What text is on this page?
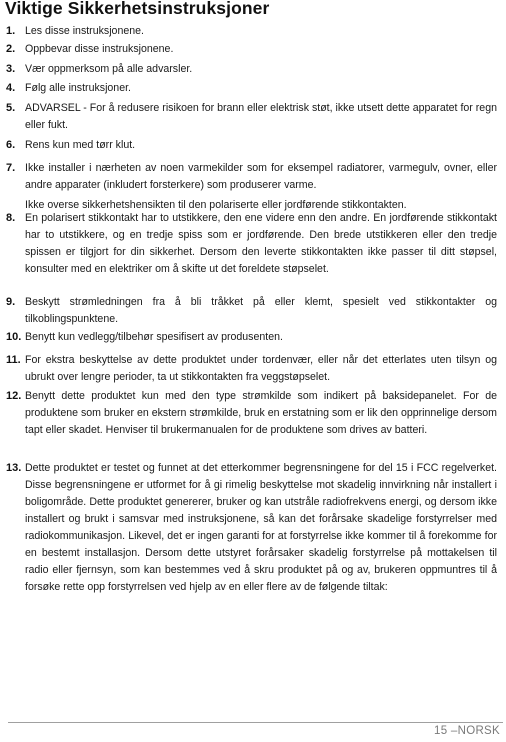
Viktige Sikkerhetsinstruksjoner
1. Les disse instruksjonene.

2. Oppbevar disse instruksjonene.

3. Vær oppmerksom på alle advarsler.

4. Følg alle instruksjoner.

5. ADVARSEL - For å redusere risikoen for brann eller elektrisk støt, ikke utsett dette apparatet for regn eller fukt.

6. Rens kun med tørr klut.

7. Ikke installer i nærheten av noen varmekilder som for eksempel radiatorer, varmegulv, ovner, eller andre apparater (inkludert forsterkere) som produserer varme.

Ikke overse sikkerhetshensikten til den polariserte eller jordførende stikkontakten.

8. En polarisert stikkontakt har to utstikkere, den ene videre enn den andre. En jordførende stikkontakt har to utstikkere, og en tredje spiss som er jordførende. Den brede utstikkeren eller den tredje spissen er tilgjort for din sikkerhet. Dersom den leverte stikkontakten ikke passer til ditt støpsel, konsulter med en elektriker om å skifte ut det foreldete støpselet.

9. Beskytt strømledningen fra å bli tråkket på eller klemt, spesielt ved stikkontakter og tilkoblingspunktene.

10. Benytt kun vedlegg/tilbehør spesifisert av produsenten.

11. For ekstra beskyttelse av dette produktet under tordenvær, eller når det etterlates uten tilsyn og ubrukt over lengre perioder, ta ut stikkontakten fra veggstøpselet.

12. Benytt dette produktet kun med den type strømkilde som indikert på baksidepanelet. For de produktene som bruker en ekstern strømkilde, bruk en erstatning som er lik den opprinnelige dersom tapt eller skadet. Henviser til brukermanualen for de produktene som drives av batteri.

13. Dette produktet er testet og funnet at det etterkommer begrensningene for del 15 i FCC regelverket. Disse begrensningene er utformet for å gi rimelig beskyttelse mot skadelig innvirkning når installert i boligområde. Dette produktet genererer, bruker og kan utstråle radiofrekvens energi, og dersom ikke installert og brukt i samsvar med instruksjonene, så kan det forårsake skadelige forstyrrelser med radiokommunikasjon. Likevel, det er ingen garanti for at forstyrrelse ikke kommer til å forekomme for en bestemt installasjon. Dersom dette utstyret forårsaker skadelig forstyrrelse på mottakelsen til radio eller fjernsyn, som kan bestemmes ved å skru produktet på og av, brukeren oppmuntres til å forsøke rette opp forstyrrelsen ved hjelp av en eller flere av de følgende tiltak:

15 –NORSK
